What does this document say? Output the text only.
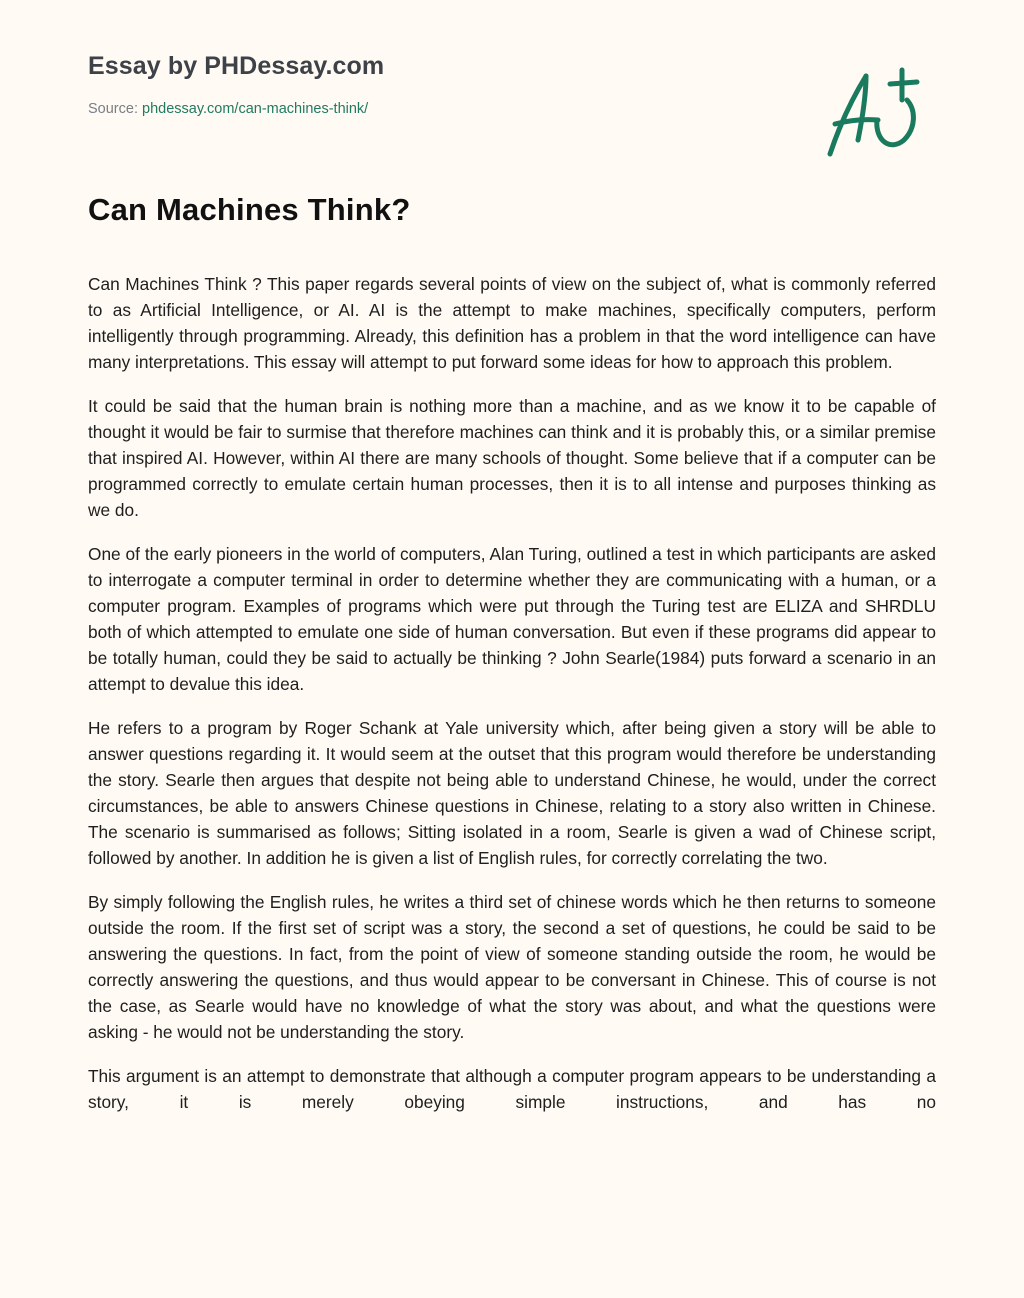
Essay by PHDessay.com
Source: phdessay.com/can-machines-think/
Can Machines Think?

Can Machines Think ? This paper regards several points of view on the subject of, what is commonly referred to as Artificial Intelligence, or AI. AI is the attempt to make machines, specifically computers, perform intelligently through programming. Already, this definition has a problem in that the word intelligence can have many interpretations. This essay will attempt to put forward some ideas for how to approach this problem.

It could be said that the human brain is nothing more than a machine, and as we know it to be capable of thought it would be fair to surmise that therefore machines can think and it is probably this, or a similar premise that inspired AI. However, within AI there are many schools of thought. Some believe that if a computer can be programmed correctly to emulate certain human processes, then it is to all intense and purposes thinking as we do.

One of the early pioneers in the world of computers, Alan Turing, outlined a test in which participants are asked to interrogate a computer terminal in order to determine whether they are communicating with a human, or a computer program. Examples of programs which were put through the Turing test are ELIZA and SHRDLU both of which attempted to emulate one side of human conversation. But even if these programs did appear to be totally human, could they be said to actually be thinking ? John Searle(1984) puts forward a scenario in an attempt to devalue this idea.

He refers to a program by Roger Schank at Yale university which, after being given a story will be able to answer questions regarding it. It would seem at the outset that this program would therefore be understanding the story. Searle then argues that despite not being able to understand Chinese, he would, under the correct circumstances, be able to answers Chinese questions in Chinese, relating to a story also written in Chinese. The scenario is summarised as follows; Sitting isolated in a room, Searle is given a wad of Chinese script, followed by another. In addition he is given a list of English rules, for correctly correlating the two.

By simply following the English rules, he writes a third set of chinese words which he then returns to someone outside the room. If the first set of script was a story, the second a set of questions, he could be said to be answering the questions. In fact, from the point of view of someone standing outside the room, he would be correctly answering the questions, and thus would appear to be conversant in Chinese. This of course is not the case, as Searle would have no knowledge of what the story was about, and what the questions were asking - he would not be understanding the story.

This argument is an attempt to demonstrate that although a computer program appears to be understanding a story, it is merely obeying simple instructions, and has no
